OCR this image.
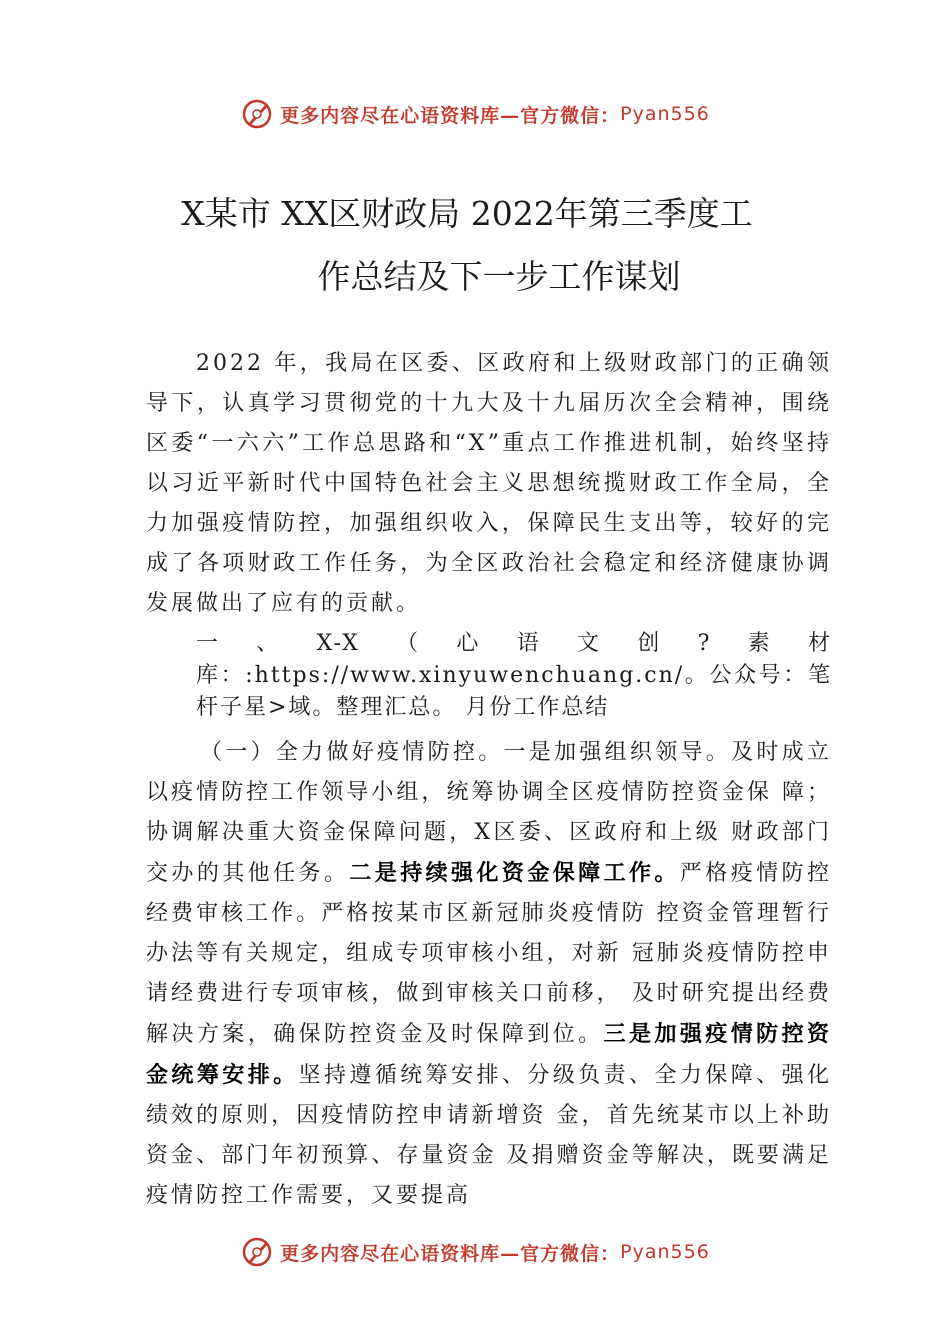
更多内容尽在心语资料库—官方微信： Pyan556
X某市 XX区财政局 2022年第三季度工
作总结及下一步工作谋划

2022 年，我局在区委、区政府和上级财政部门的正确领导下，认真学习贯彻党的十九大及十九届历次全会精神，围绕区委“一六六”工作总思路和“X”重点工作推进机制，始终坚持以习近平新时代中国特色社会主义思想统揽财政工作全局，全力加强疫情防控，加强组织收入，保障民生支出等，较好的完成了各项财政工作任务，为全区政治社会稳定和经济健康协调发展做出了应有的贡献。

一、X-X（心语文创?素材库：:https://www.xinyuwenchuang.cn/。公众号：笔杆子星>域。整理汇总。 月份工作总结

（一）全力做好疫情防控。一是加强组织领导。及时成立以疫情防控工作领导小组，统筹协调全区疫情防控资金保 障；协调解决重大资金保障问题，X区委、区政府和上级 财政部门交办的其他任务。二是持续强化资金保障工作。严格疫情防控经费审核工作。严格按某市区新冠肺炎疫情防 控资金管理暂行办法等有关规定，组成专项审核小组，对新 冠肺炎疫情防控申请经费进行专项审核，做到审核关口前移， 及时研究提出经费解决方案，确保防控资金及时保障到位。三是加强疫情防控资金统筹安排。坚持遵循统筹安排、分级负责、全力保障、强化绩效的原则，因疫情防控申请新增资 金，首先统某市以上补助资金、部门年初预算、存量资金 及捐赠资金等解决，既要满足疫情防控工作需要，又要提高

更多内容尽在心语资料库—官方微信： Pyan556
